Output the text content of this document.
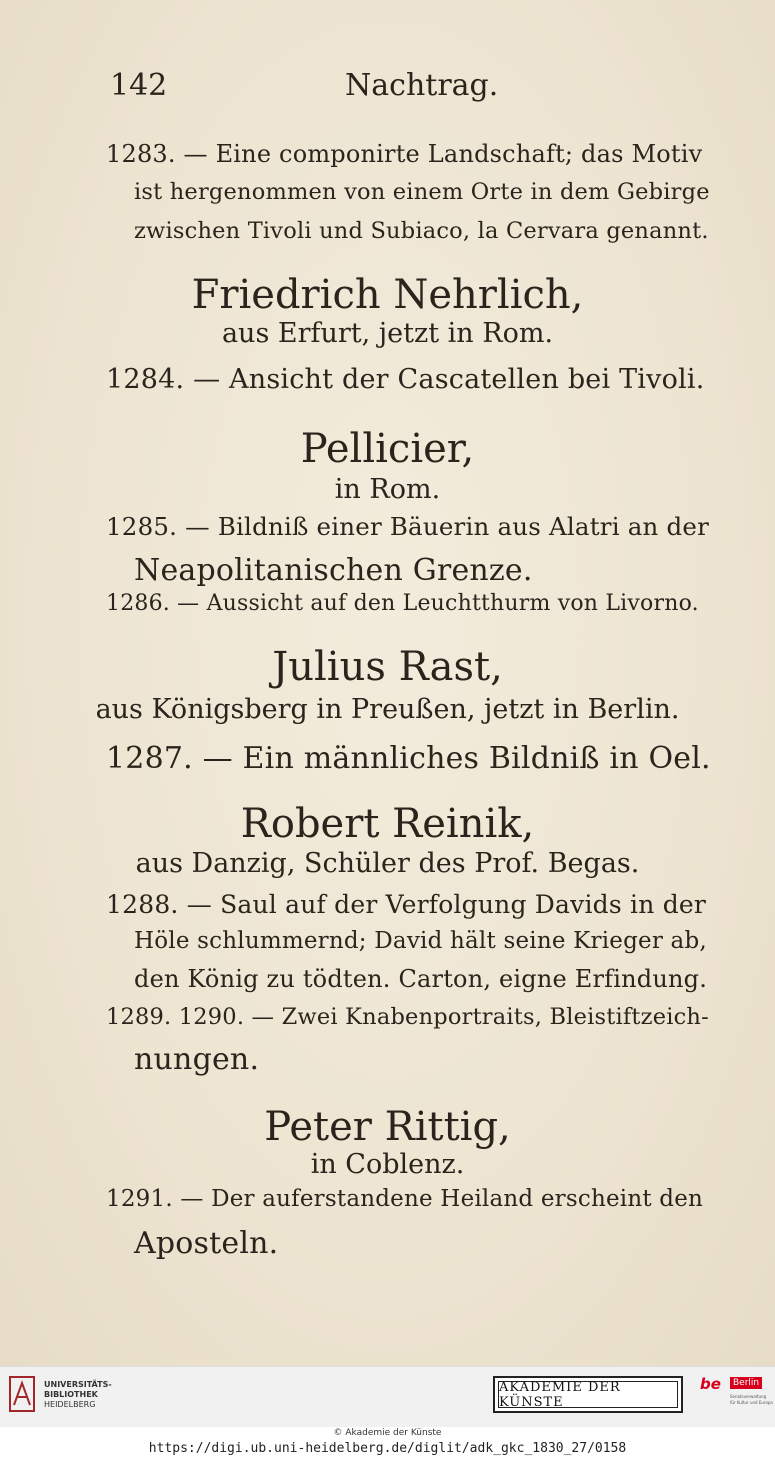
142	Nachtrag.
1283. — Eine componirte Landschaft; das Motiv
ist hergenommen von einem Orte in dem Gebirge
zwischen Tivoli und Subiaco, la Cervara genannt.
Friedrich Nehrlich,
aus Erfurt, jetzt in Rom.
1284. — Ansicht der Cascatellen bei Tivoli.
Pellicier,
in Rom.
1285. — Bildniß einer Bäuerin aus Alatri an der
Neapolitanischen Grenze.
1286. — Aussicht auf den Leuchtthurm von Livorno.
Julius Rast,
aus Königsberg in Preußen, jetzt in Berlin.
1287. — Ein männliches Bildniß in Oel.
Robert Reinik,
aus Danzig, Schüler des Prof. Begas.
1288. — Saul auf der Verfolgung Davids in der
Höle schlummernd; David hält seine Krieger ab,
den König zu tödten. Carton, eigne Erfindung.
1289. 1290. — Zwei Knabenportraits, Bleistiftzeich-
nungen.
Peter Rittig,
in Coblenz.
1291. — Der auferstandene Heiland erscheint den
Aposteln.
UNIVERSITÄTS-
BIBLIOTHEK
HEIDELBERG
AKADEMIE DER KÜNSTE
be	Berlin
Senatsverwaltung
für Kultur und Europa
© Akademie der Künste
https://digi.ub.uni-heidelberg.de/diglit/adk_gkc_1830_27/0158
